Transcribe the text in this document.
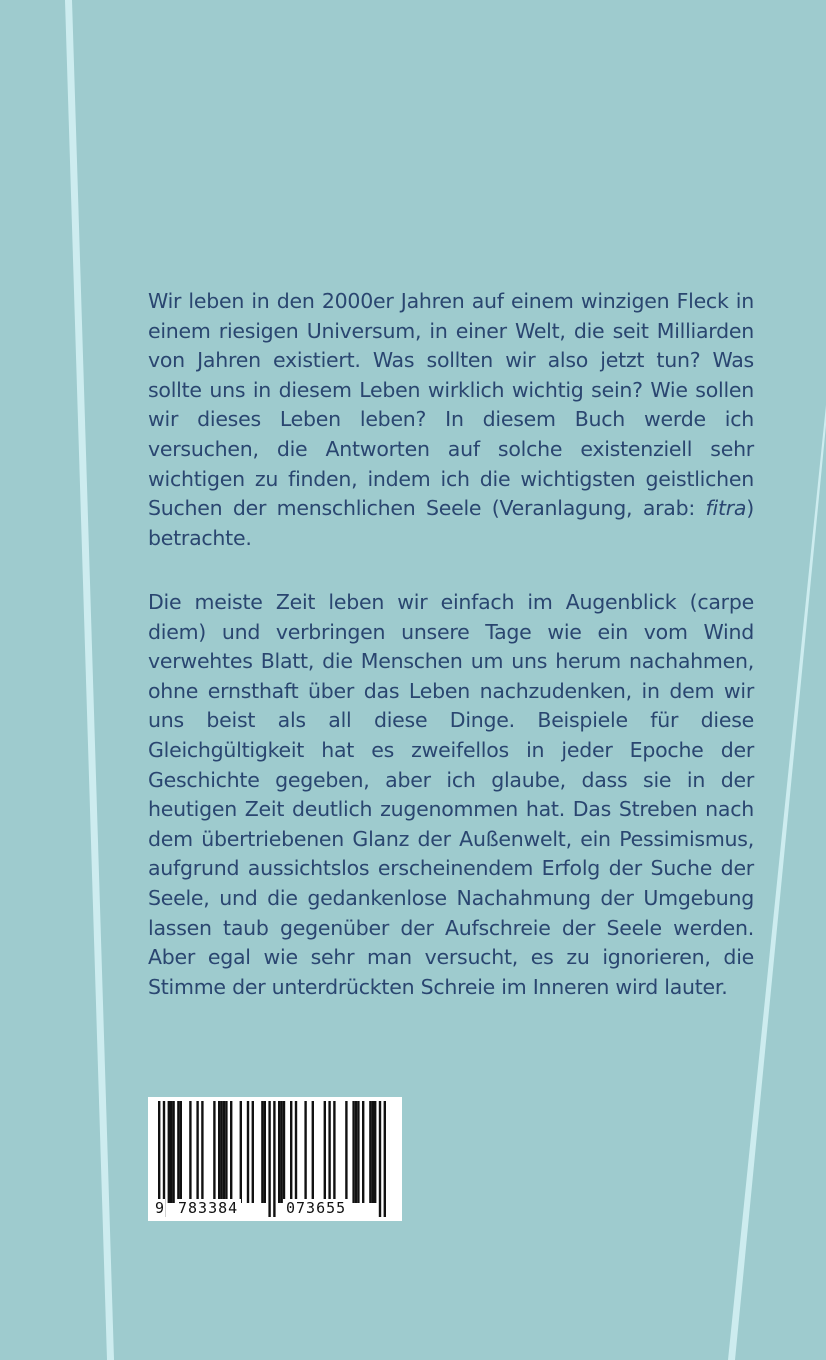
Wir leben in den 2000er Jahren auf einem winzigen Fleck in einem riesigen Universum, in einer Welt, die seit Milliarden von Jahren existiert. Was sollten wir also jetzt tun? Was sollte uns in diesem Leben wirklich wichtig sein? Wie sollen wir dieses Leben leben? In diesem Buch werde ich versuchen, die Antworten auf solche existenziell sehr wichtigen zu finden, indem ich die wichtigsten geistlichen Suchen der menschlichen Seele (Veranlagung, arab: fitra) betrachte.

Die meiste Zeit leben wir einfach im Augenblick (carpe diem) und verbringen unsere Tage wie ein vom Wind verwehtes Blatt, die Menschen um uns herum nachahmen, ohne ernsthaft über das Leben nachzudenken, in dem wir uns beist als all diese Dinge. Beispiele für diese Gleichgültigkeit hat es zweifellos in jeder Epoche der Geschichte gegeben, aber ich glaube, dass sie in der heutigen Zeit deutlich zugenommen hat. Das Streben nach dem übertriebenen Glanz der Außenwelt, ein Pessimismus, aufgrund aussichtslos erscheinendem Erfolg der Suche der Seele, und die gedankenlose Nachahmung der Umgebung lassen taub gegenüber der Aufschreie der Seele werden. Aber egal wie sehr man versucht, es zu ignorieren, die Stimme der unterdrückten Schreie im Inneren wird lauter.

9 783384	073655
